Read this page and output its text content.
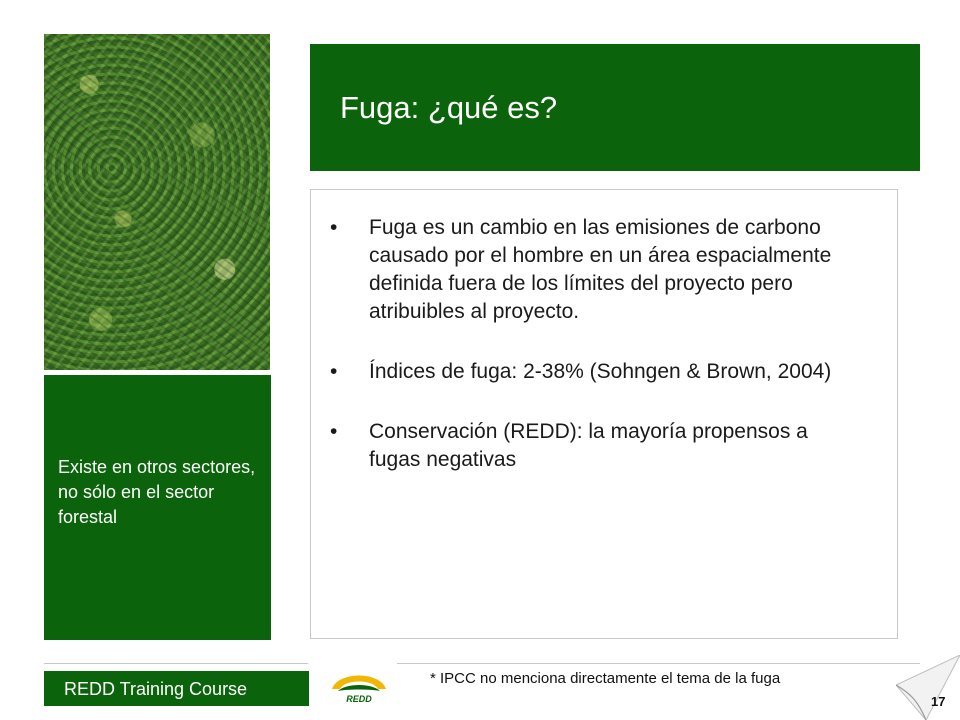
Existe en otros sectores, no sólo en el sector forestal
Fuga: ¿qué es?
• Fuga es un cambio en las emisiones de carbono causado por el hombre en un área espacialmente definida fuera de los límites del proyecto pero atribuibles al proyecto.
• Índices de fuga: 2-38% (Sohngen & Brown, 2004)
• Conservación (REDD): la mayoría propensos a fugas negativas
REDD Training Course	REDD
* IPCC no menciona directamente el tema de la fuga
17
